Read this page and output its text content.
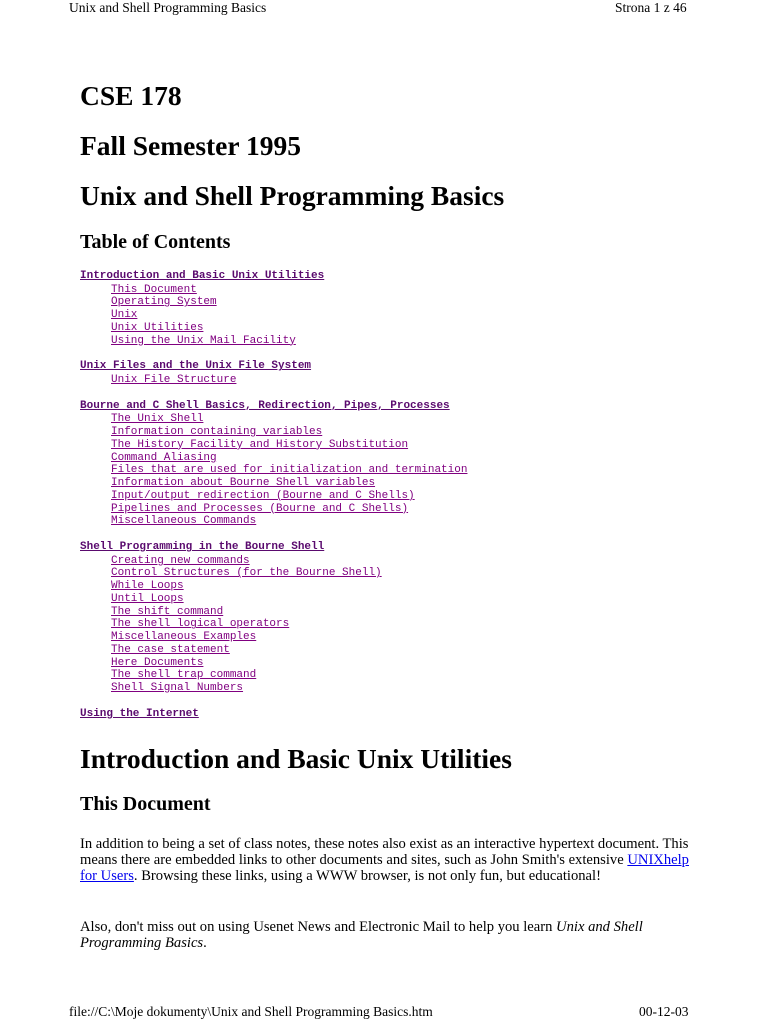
Unix and Shell Programming Basics	Strona 1 z 46
CSE 178
Fall Semester 1995
Unix and Shell Programming Basics
Table of Contents
Introduction and Basic Unix Utilities
This Document
Operating System
Unix
Unix Utilities
Using the Unix Mail Facility
Unix Files and the Unix File System
Unix File Structure
Bourne and C Shell Basics, Redirection, Pipes, Processes
The Unix Shell
Information containing variables
The History Facility and History Substitution
Command Aliasing
Files that are used for initialization and termination
Information about Bourne Shell variables
Input/output redirection (Bourne and C Shells)
Pipelines and Processes (Bourne and C Shells)
Miscellaneous Commands
Shell Programming in the Bourne Shell
Creating new commands
Control Structures (for the Bourne Shell)
While Loops
Until Loops
The shift command
The shell logical operators
Miscellaneous Examples
The case statement
Here Documents
The shell trap command
Shell Signal Numbers
Using the Internet
Introduction and Basic Unix Utilities
This Document
In addition to being a set of class notes, these notes also exist as an interactive hypertext document. This means there are embedded links to other documents and sites, such as John Smith's extensive UNIXhelp for Users. Browsing these links, using a WWW browser, is not only fun, but educational!
Also, don't miss out on using Usenet News and Electronic Mail to help you learn Unix and Shell Programming Basics.
file://C:\Moje dokumenty\Unix and Shell Programming Basics.htm	00-12-03
